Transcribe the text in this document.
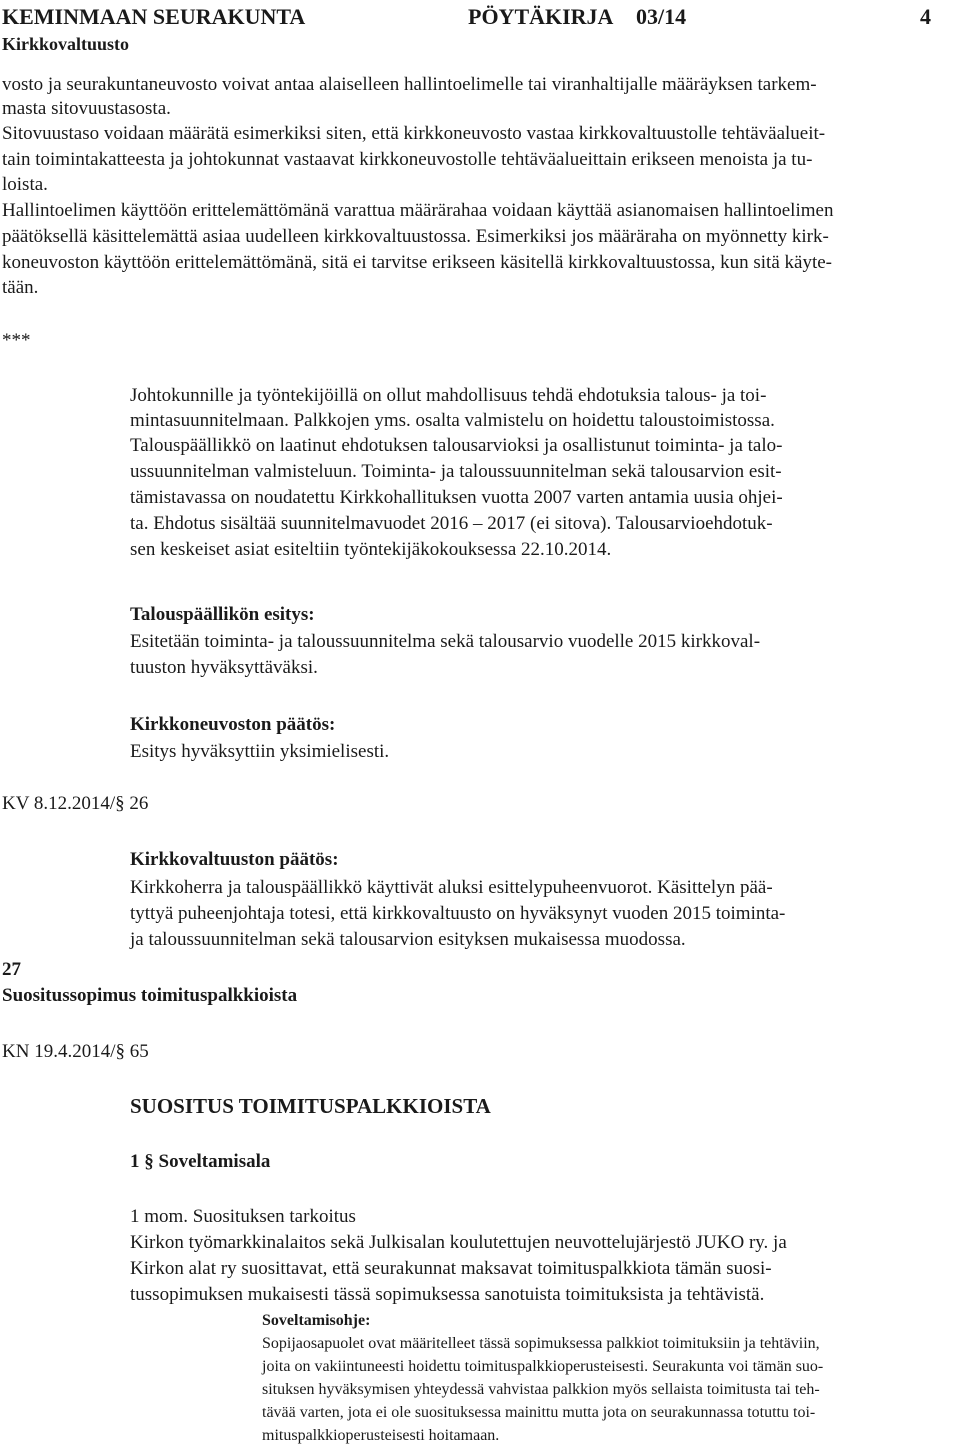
KEMINMAAN SEURAKUNTA	PÖYTÄKIRJA 03/14	4
Kirkkovaltuusto
vosto ja seurakuntaneuvosto voivat antaa alaiselleen hallintoelimelle tai viranhaltijalle määräyksen tarkem-
masta sitovuustasosta.
Sitovuustaso voidaan määrätä esimerkiksi siten, että kirkkoneuvosto vastaa kirkkovaltuustolle tehtäväalueit-
tain toimintakatteesta ja johtokunnat vastaavat kirkkoneuvostolle tehtäväalueittain erikseen menoista ja tu-
loista.
Hallintoelimen käyttöön erittelemättömänä varattua määrärahaa voidaan käyttää asianomaisen hallintoelimen
päätöksellä käsittelemättä asiaa uudelleen kirkkovaltuustossa. Esimerkiksi jos määräraha on myönnetty kirk-
koneuvoston käyttöön erittelemättömänä, sitä ei tarvitse erikseen käsitellä kirkkovaltuustossa, kun sitä käyte-
tään.
***
Johtokunnille ja työntekijöillä on ollut mahdollisuus tehdä ehdotuksia talous- ja toi-
mintasuunnitelmaan. Palkkojen yms. osalta valmistelu on hoidettu taloustoimistossa.
Talouspäällikkö on laatinut ehdotuksen talousarvioksi ja osallistunut toiminta- ja talo-
ussuunnitelman valmisteluun. Toiminta- ja taloussuunnitelman sekä talousarvion esit-
tämistavassa on noudatettu Kirkkohallituksen vuotta 2007 varten antamia uusia ohjei-
ta. Ehdotus sisältää suunnitelmavuodet 2016 – 2017 (ei sitova). Talousarvioehdotuk-
sen keskeiset asiat esiteltiin työntekijäkokouksessa 22.10.2014.
Talouspäällikön esitys:
Esitetään toiminta- ja taloussuunnitelma sekä talousarvio vuodelle 2015 kirkkoval-
tuuston hyväksyttäväksi.
Kirkkoneuvoston päätös:
Esitys hyväksyttiin yksimielisesti.
KV 8.12.2014/§ 26
Kirkkovaltuuston päätös:
Kirkkoherra ja talouspäällikkö käyttivät aluksi esittelypuheenvuorot. Käsittelyn pää-
tyttyä puheenjohtaja totesi, että kirkkovaltuusto on hyväksynyt vuoden 2015 toiminta-
ja taloussuunnitelman sekä talousarvion esityksen mukaisessa muodossa.
27
Suositussopimus toimituspalkkioista
KN 19.4.2014/§ 65
SUOSITUS TOIMITUSPALKKIOISTA
1 § Soveltamisala
1 mom. Suosituksen tarkoitus
Kirkon työmarkkinalaitos sekä Julkisalan koulutettujen neuvottelujärjestö JUKO ry. ja
Kirkon alat ry suosittavat, että seurakunnat maksavat toimituspalkkiota tämän suosi-
tussopimuksen mukaisesti tässä sopimuksessa sanotuista toimituksista ja tehtävistä.
Soveltamisohje:
Sopijaosapuolet ovat määritelleet tässä sopimuksessa palkkiot toimituksiin ja tehtäviin,
joita on vakiintuneesti hoidettu toimituspalkkioperusteisesti. Seurakunta voi tämän suo-
situksen hyväksymisen yhteydessä vahvistaa palkkion myös sellaista toimitusta tai teh-
tävää varten, jota ei ole suosituksessa mainittu mutta jota on seurakunnassa totuttu toi-
mituspalkkioperusteisesti hoitamaan.
